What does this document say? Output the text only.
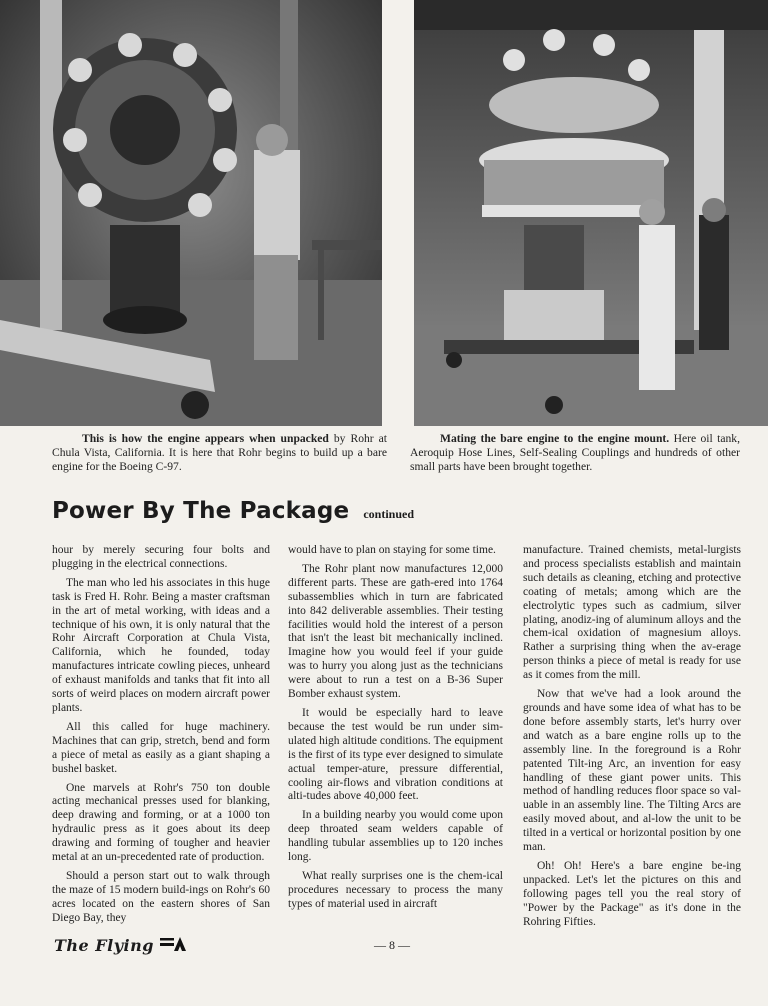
This is how the engine appears when unpacked by Rohr at Chula Vista, California. It is here that Rohr begins to build up a bare engine for the Boeing C-97.

Mating the bare engine to the engine mount. Here oil tank, Aeroquip Hose Lines, Self-Sealing Couplings and hundreds of other small parts have been brought together.

Power By The Package continued

hour by merely securing four bolts and plugging in the electrical connections.

The man who led his associates in this huge task is Fred H. Rohr. Being a master craftsman in the art of metal working, with ideas and a technique of his own, it is only natural that the Rohr Aircraft Corporation at Chula Vista, California, which he founded, today manufactures intricate cowling pieces, unheard of exhaust manifolds and tanks that fit into all sorts of weird places on modern aircraft power plants.

All this called for huge machinery. Machines that can grip, stretch, bend and form a piece of metal as easily as a giant shaping a bushel basket.

One marvels at Rohr's 750 ton double acting mechanical presses used for blanking, deep drawing and forming, or at a 1000 ton hydraulic press as it goes about its deep drawing and forming of tougher and heavier metal at an un-precedented rate of production.

Should a person start out to walk through the maze of 15 modern build-ings on Rohr's 60 acres located on the eastern shores of San Diego Bay, they

would have to plan on staying for some time.

The Rohr plant now manufactures 12,000 different parts. These are gath-ered into 1764 subassemblies which in turn are fabricated into 842 deliverable assemblies. Their testing facilities would hold the interest of a person that isn't the least bit mechanically inclined. Imagine how you would feel if your guide was to hurry you along just as the technicians were about to run a test on a B-36 Super Bomber exhaust system.

It would be especially hard to leave because the test would be run under sim-ulated high altitude conditions. The equipment is the first of its type ever designed to simulate actual temper-ature, pressure differential, cooling air-flows and vibration conditions at alti-tudes above 40,000 feet.

In a building nearby you would come upon deep throated seam welders capable of handling tubular assemblies up to 120 inches long.

What really surprises one is the chem-ical procedures necessary to process the many types of material used in aircraft

manufacture. Trained chemists, metal-lurgists and process specialists establish and maintain such details as cleaning, etching and protective coating of metals; among which are the electrolytic types such as cadmium, silver plating, anodiz-ing of aluminum alloys and the chem-ical oxidation of magnesium alloys. Rather a surprising thing when the av-erage person thinks a piece of metal is ready for use as it comes from the mill.

Now that we've had a look around the grounds and have some idea of what has to be done before assembly starts, let's hurry over and watch as a bare engine rolls up to the assembly line. In the foreground is a Rohr patented Tilt-ing Arc, an invention for easy handling of these giant power units. This method of handling reduces floor space so val-uable in an assembly line. The Tilting Arcs are easily moved about, and al-low the unit to be tilted in a vertical or horizontal position by one man.

Oh! Oh! Here's a bare engine be-ing unpacked. Let's let the pictures on this and following pages tell you the real story of "Power by the Package" as it's done in the Rohring Fifties.

The Flying	— 8 —
